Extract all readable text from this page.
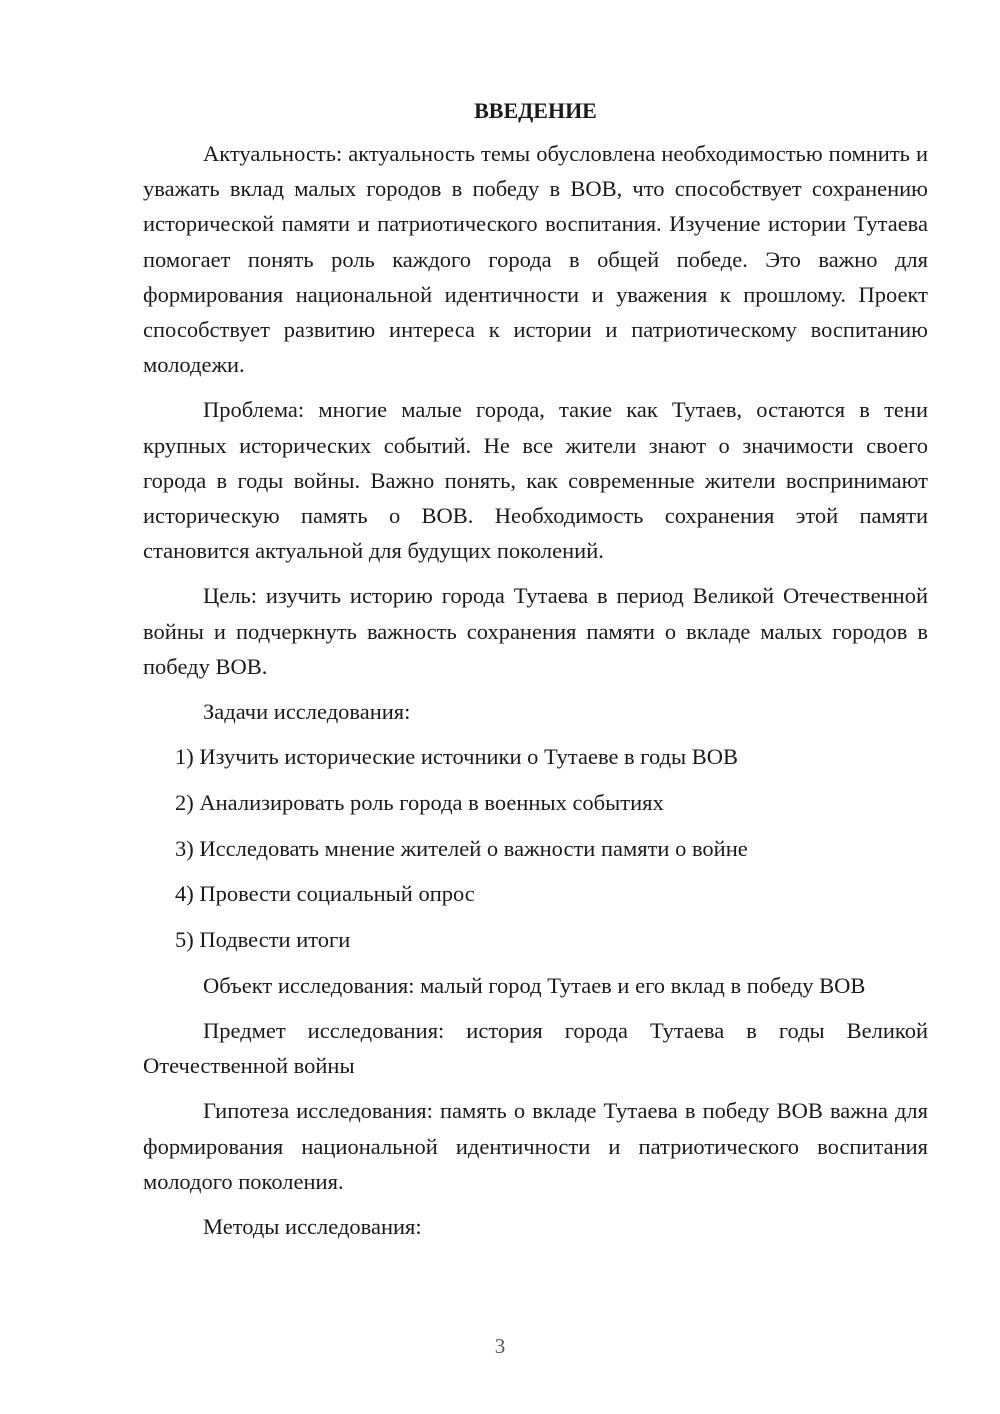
ВВЕДЕНИЕ

Актуальность: актуальность темы обусловлена необходимостью помнить и уважать вклад малых городов в победу в ВОВ, что способствует сохранению исторической памяти и патриотического воспитания. Изучение истории Тутаева помогает понять роль каждого города в общей победе. Это важно для формирования национальной идентичности и уважения к прошлому. Проект способствует развитию интереса к истории и патриотическому воспитанию молодежи.

Проблема: многие малые города, такие как Тутаев, остаются в тени крупных исторических событий. Не все жители знают о значимости своего города в годы войны. Важно понять, как современные жители воспринимают историческую память о ВОВ. Необходимость сохранения этой памяти становится актуальной для будущих поколений.

Цель: изучить историю города Тутаева в период Великой Отечественной войны и подчеркнуть важность сохранения памяти о вкладе малых городов в победу ВОВ.

Задачи исследования:

1) Изучить исторические источники о Тутаеве в годы ВОВ
2) Анализировать роль города в военных событиях
3) Исследовать мнение жителей о важности памяти о войне
4) Провести социальный опрос
5) Подвести итоги

Объект исследования: малый город Тутаев и его вклад в победу ВОВ

Предмет исследования: история города Тутаева в годы Великой Отечественной войны

Гипотеза исследования: память о вкладе Тутаева в победу ВОВ важна для формирования национальной идентичности и патриотического воспитания молодого поколения.

Методы исследования:

3
